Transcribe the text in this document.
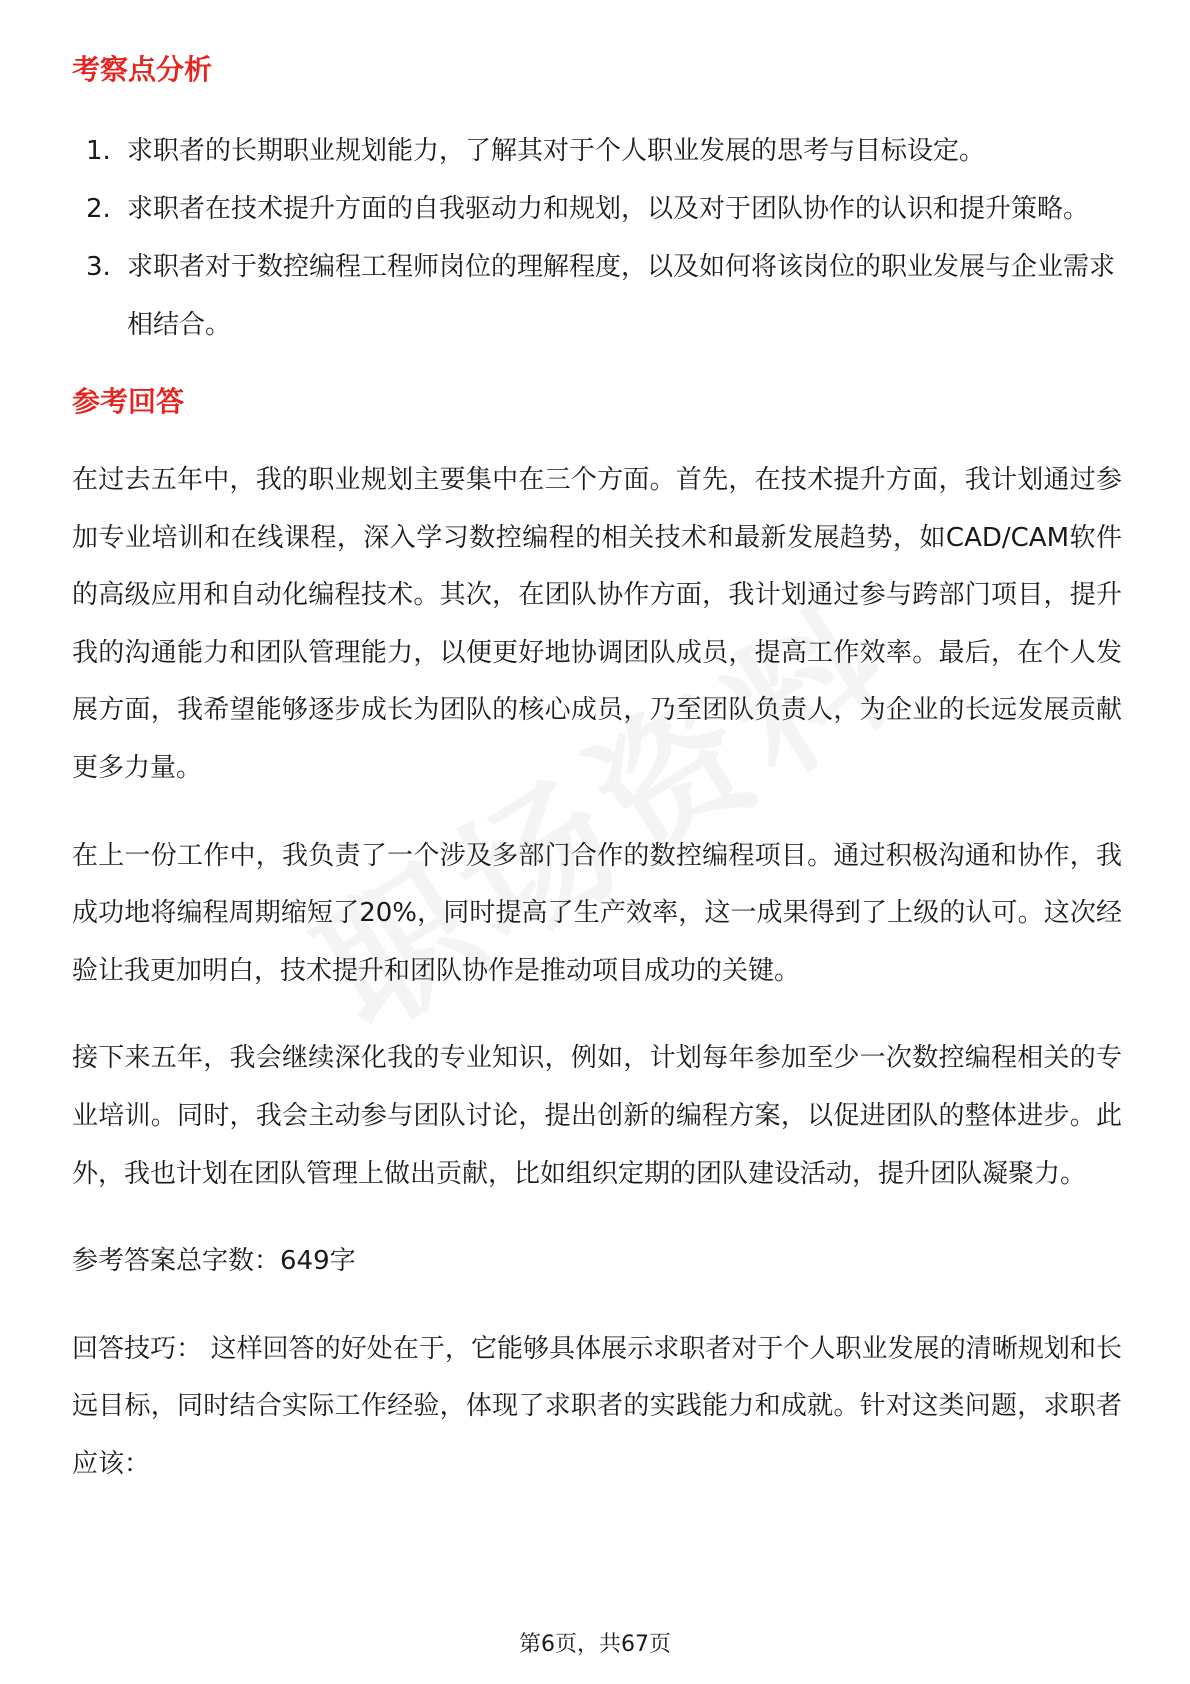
考察点分析
1. 求职者的长期职业规划能力，了解其对于个人职业发展的思考与目标设定。
2. 求职者在技术提升方面的自我驱动力和规划，以及对于团队协作的认识和提升策略。
3. 求职者对于数控编程工程师岗位的理解程度，以及如何将该岗位的职业发展与企业需求相结合。
参考回答

在过去五年中，我的职业规划主要集中在三个方面。首先，在技术提升方面，我计划通过参加专业培训和在线课程，深入学习数控编程的相关技术和最新发展趋势，如CAD/CAM软件的高级应用和自动化编程技术。其次，在团队协作方面，我计划通过参与跨部门项目，提升我的沟通能力和团队管理能力，以便更好地协调团队成员，提高工作效率。最后，在个人发展方面，我希望能够逐步成长为团队的核心成员，乃至团队负责人，为企业的长远发展贡献更多力量。

在上一份工作中，我负责了一个涉及多部门合作的数控编程项目。通过积极沟通和协作，我成功地将编程周期缩短了20%，同时提高了生产效率，这一成果得到了上级的认可。这次经验让我更加明白，技术提升和团队协作是推动项目成功的关键。

接下来五年，我会继续深化我的专业知识，例如，计划每年参加至少一次数控编程相关的专业培训。同时，我会主动参与团队讨论，提出创新的编程方案，以促进团队的整体进步。此外，我也计划在团队管理上做出贡献，比如组织定期的团队建设活动，提升团队凝聚力。

参考答案总字数：649字

回答技巧： 这样回答的好处在于，它能够具体展示求职者对于个人职业发展的清晰规划和长远目标，同时结合实际工作经验，体现了求职者的实践能力和成就。针对这类问题，求职者应该：

第6页，共67页
